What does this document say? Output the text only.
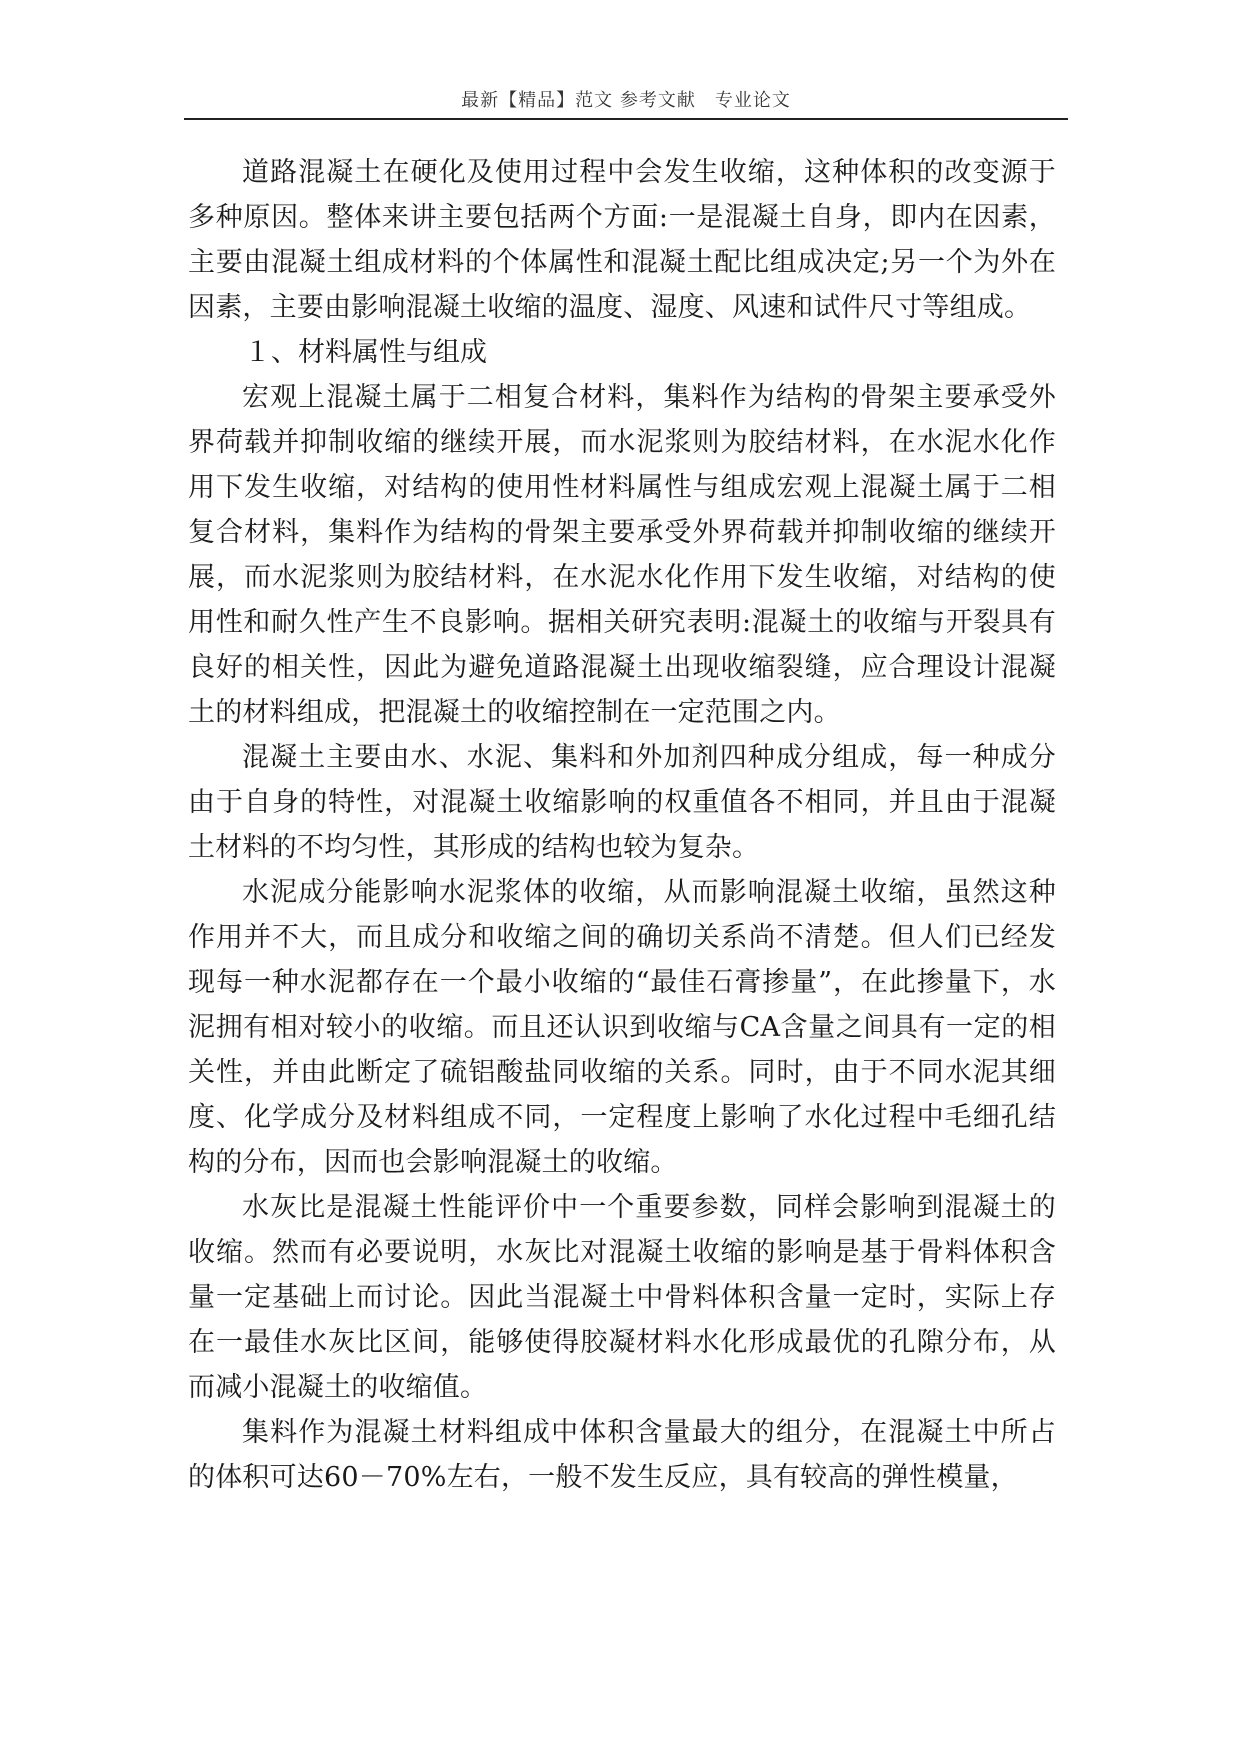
最新【精品】范文 参考文献　专业论文

道路混凝土在硬化及使用过程中会发生收缩，这种体积的改变源于多种原因。整体来讲主要包括两个方面:一是混凝土自身，即内在因素，主要由混凝土组成材料的个体属性和混凝土配比组成决定;另一个为外在因素，主要由影响混凝土收缩的温度、湿度、风速和试件尺寸等组成。

１、材料属性与组成

宏观上混凝土属于二相复合材料，集料作为结构的骨架主要承受外界荷载并抑制收缩的继续开展，而水泥浆则为胶结材料，在水泥水化作用下发生收缩，对结构的使用性材料属性与组成宏观上混凝土属于二相复合材料，集料作为结构的骨架主要承受外界荷载并抑制收缩的继续开展，而水泥浆则为胶结材料，在水泥水化作用下发生收缩，对结构的使用性和耐久性产生不良影响。据相关研究表明:混凝土的收缩与开裂具有良好的相关性，因此为避免道路混凝土出现收缩裂缝，应合理设计混凝土的材料组成，把混凝土的收缩控制在一定范围之内。

混凝土主要由水、水泥、集料和外加剂四种成分组成，每一种成分由于自身的特性，对混凝土收缩影响的权重值各不相同，并且由于混凝土材料的不均匀性，其形成的结构也较为复杂。

水泥成分能影响水泥浆体的收缩，从而影响混凝土收缩，虽然这种作用并不大，而且成分和收缩之间的确切关系尚不清楚。但人们已经发现每一种水泥都存在一个最小收缩的“最佳石膏掺量”，在此掺量下，水泥拥有相对较小的收缩。而且还认识到收缩与CA含量之间具有一定的相关性，并由此断定了硫铝酸盐同收缩的关系。同时，由于不同水泥其细度、化学成分及材料组成不同，一定程度上影响了水化过程中毛细孔结构的分布，因而也会影响混凝土的收缩。

水灰比是混凝土性能评价中一个重要参数，同样会影响到混凝土的收缩。然而有必要说明，水灰比对混凝土收缩的影响是基于骨料体积含量一定基础上而讨论。因此当混凝土中骨料体积含量一定时，实际上存在一最佳水灰比区间，能够使得胶凝材料水化形成最优的孔隙分布，从而减小混凝土的收缩值。

集料作为混凝土材料组成中体积含量最大的组分，在混凝土中所占的体积可达60－70%左右，一般不发生反应，具有较高的弹性模量，
